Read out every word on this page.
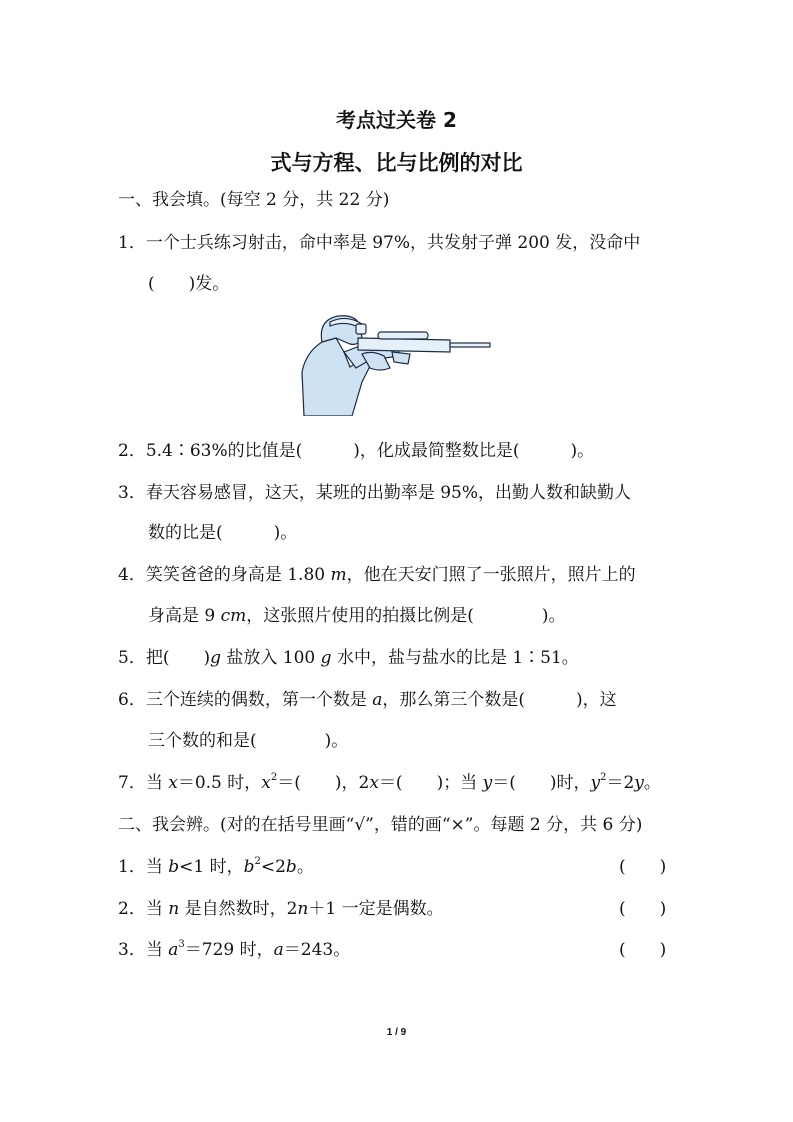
考点过关卷 2
式与方程、比与比例的对比
一、我会填。(每空 2 分，共 22 分)
1．一个士兵练习射击，命中率是 97%，共发射子弹 200 发，没命中
(  )发。
2．5.4∶63%的比值是(   )，化成最简整数比是(   )。
3．春天容易感冒，这天，某班的出勤率是 95%，出勤人数和缺勤人
数的比是(   )。
4．笑笑爸爸的身高是 1.80 m，他在天安门照了一张照片，照片上的
身高是 9 cm，这张照片使用的拍摄比例是(    )。
5．把(  )g 盐放入 100 g 水中，盐与盐水的比是 1∶51。
6．三个连续的偶数，第一个数是 a，那么第三个数是(   )，这
三个数的和是(    )。
7．当 x＝0.5 时，$x^2=$(  )，2x＝(  )；当 y＝(  )时，$y^2=2y$。
二、我会辨。(对的在括号里画“√”，错的画“×”。每题 2 分，共 6 分)
1．当 b<1 时，$b^2<2b$。	(  )
2．当 n 是自然数时，2n＋1 一定是偶数。	(  )
3．当 $a^3=729$ 时，a＝243。	(  )
1 / 9
